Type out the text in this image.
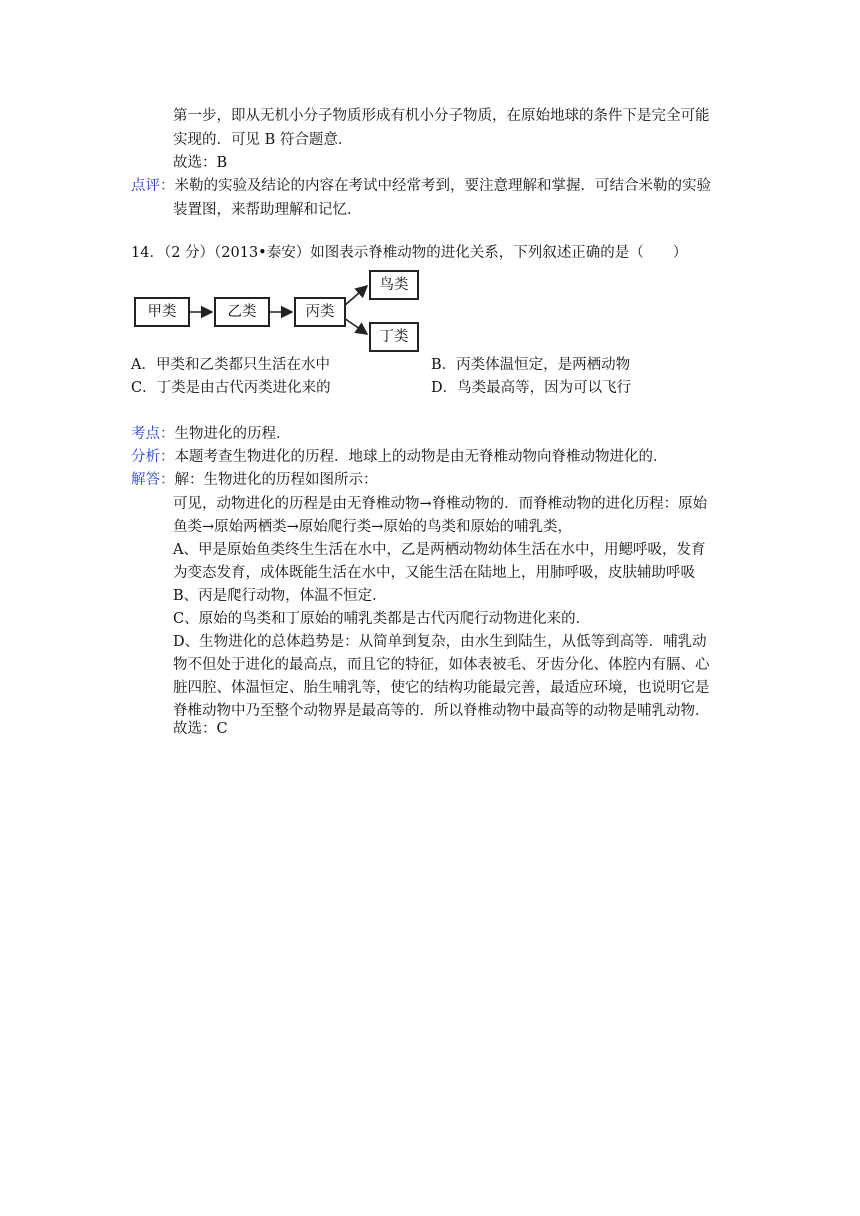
第一步，即从无机小分子物质形成有机小分子物质，在原始地球的条件下是完全可能
实现的．可见 B 符合题意．
故选：B
点评：米勒的实验及结论的内容在考试中经常考到，要注意理解和掌握．可结合米勒的实验
装置图，来帮助理解和记忆．
14．（2 分）（2013•泰安）如图表示脊椎动物的进化关系，下列叙述正确的是（　　）
甲类	乙类	丙类
鸟类
丁类
A．甲类和乙类都只生活在水中	B．丙类体温恒定，是两栖动物
C．丁类是由古代丙类进化来的	D．鸟类最高等，因为可以飞行
考点：生物进化的历程．
分析：本题考查生物进化的历程．地球上的动物是由无脊椎动物向脊椎动物进化的．
解答：解：生物进化的历程如图所示：
可见，动物进化的历程是由无脊椎动物→脊椎动物的．而脊椎动物的进化历程：原始
鱼类→原始两栖类→原始爬行类→原始的鸟类和原始的哺乳类，
A、甲是原始鱼类终生生活在水中，乙是两栖动物幼体生活在水中，用鳃呼吸，发育
为变态发育，成体既能生活在水中，又能生活在陆地上，用肺呼吸，皮肤辅助呼吸
B、丙是爬行动物，体温不恒定．
C、原始的鸟类和丁原始的哺乳类都是古代丙爬行动物进化来的．
D、生物进化的总体趋势是：从简单到复杂，由水生到陆生，从低等到高等．哺乳动
物不但处于进化的最高点，而且它的特征，如体表被毛、牙齿分化、体腔内有膈、心
脏四腔、体温恒定、胎生哺乳等，使它的结构功能最完善，最适应环境，也说明它是
脊椎动物中乃至整个动物界是最高等的．所以脊椎动物中最高等的动物是哺乳动物．
故选：C
